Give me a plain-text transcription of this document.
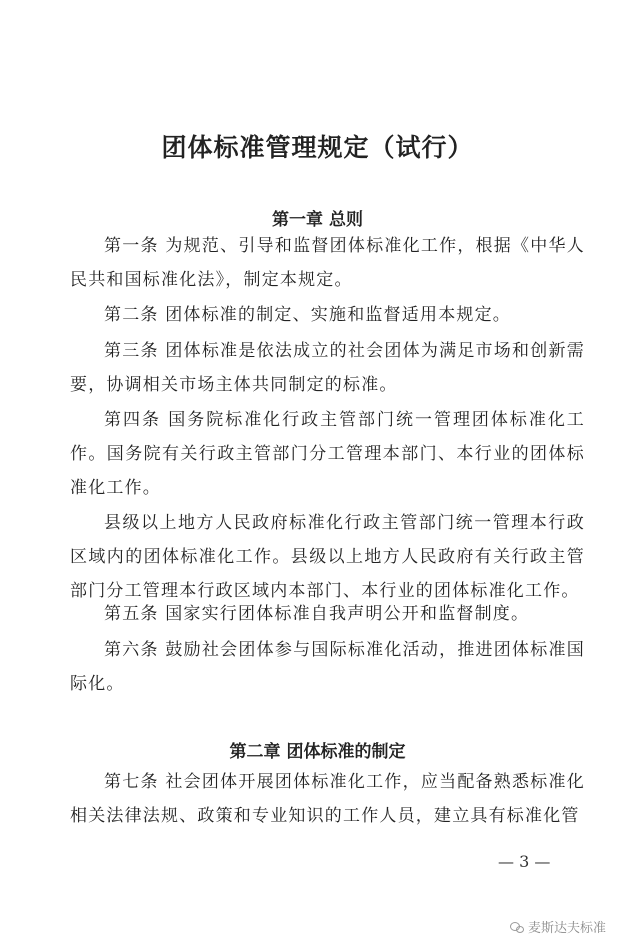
团体标准管理规定（试行）
第一章 总则
第一条 为规范、引导和监督团体标准化工作，根据《中华人民共和国标准化法》，制定本规定。
第二条 团体标准的制定、实施和监督适用本规定。
第三条 团体标准是依法成立的社会团体为满足市场和创新需要，协调相关市场主体共同制定的标准。
第四条 国务院标准化行政主管部门统一管理团体标准化工作。国务院有关行政主管部门分工管理本部门、本行业的团体标准化工作。
县级以上地方人民政府标准化行政主管部门统一管理本行政区域内的团体标准化工作。县级以上地方人民政府有关行政主管部门分工管理本行政区域内本部门、本行业的团体标准化工作。
第五条 国家实行团体标准自我声明公开和监督制度。
第六条 鼓励社会团体参与国际标准化活动，推进团体标准国际化。
第二章 团体标准的制定
第七条 社会团体开展团体标准化工作，应当配备熟悉标准化相关法律法规、政策和专业知识的工作人员，建立具有标准化管
— 3 —
麦斯达夫标准
